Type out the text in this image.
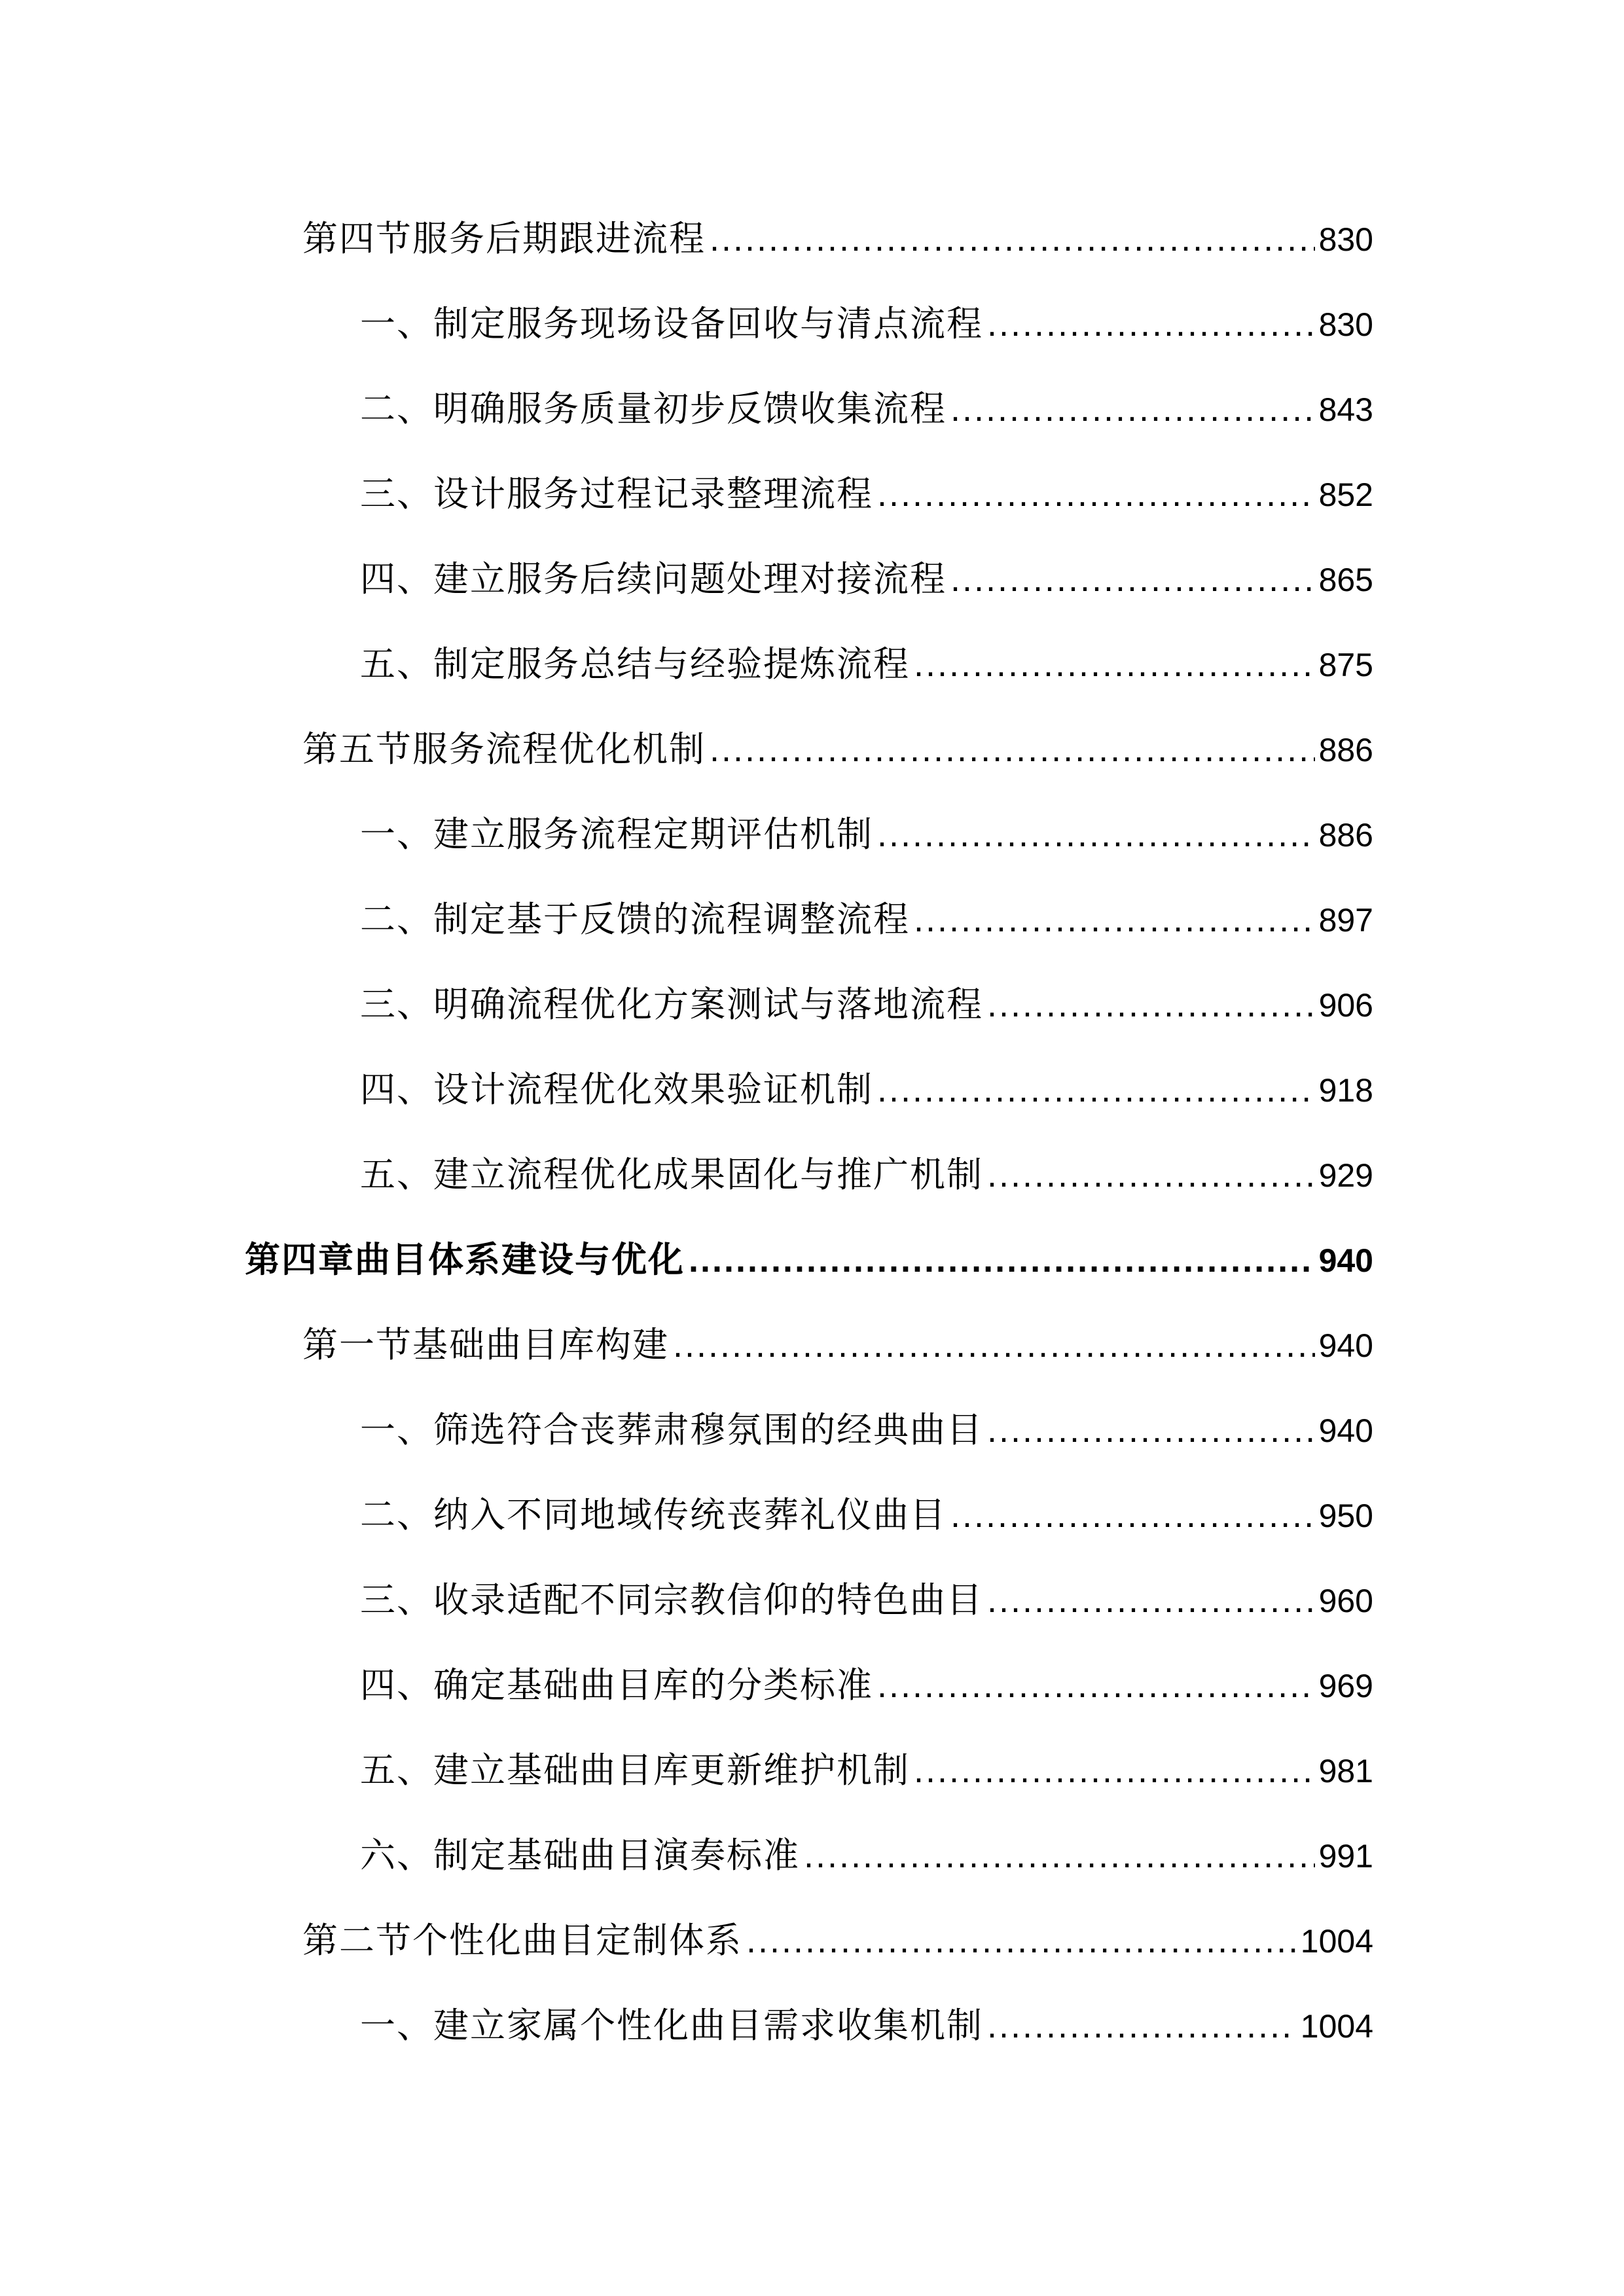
第四节服务后期跟进流程 .....	830
一、制定服务现场设备回收与清点流程 .....	830
二、明确服务质量初步反馈收集流程 .....	843
三、设计服务过程记录整理流程 .....	852
四、建立服务后续问题处理对接流程 .....	865
五、制定服务总结与经验提炼流程 .....	875
第五节服务流程优化机制 .....	886
一、建立服务流程定期评估机制 .....	886
二、制定基于反馈的流程调整流程 .....	897
三、明确流程优化方案测试与落地流程 .....	906
四、设计流程优化效果验证机制 .....	918
五、建立流程优化成果固化与推广机制 .....	929
第四章曲目体系建设与优化 .....	940
第一节基础曲目库构建 .....	940
一、筛选符合丧葬肃穆氛围的经典曲目 .....	940
二、纳入不同地域传统丧葬礼仪曲目 .....	950
三、收录适配不同宗教信仰的特色曲目 .....	960
四、确定基础曲目库的分类标准 .....	969
五、建立基础曲目库更新维护机制 .....	981
六、制定基础曲目演奏标准 .....	991
第二节个性化曲目定制体系 .....	1004
一、建立家属个性化曲目需求收集机制 .....	1004
